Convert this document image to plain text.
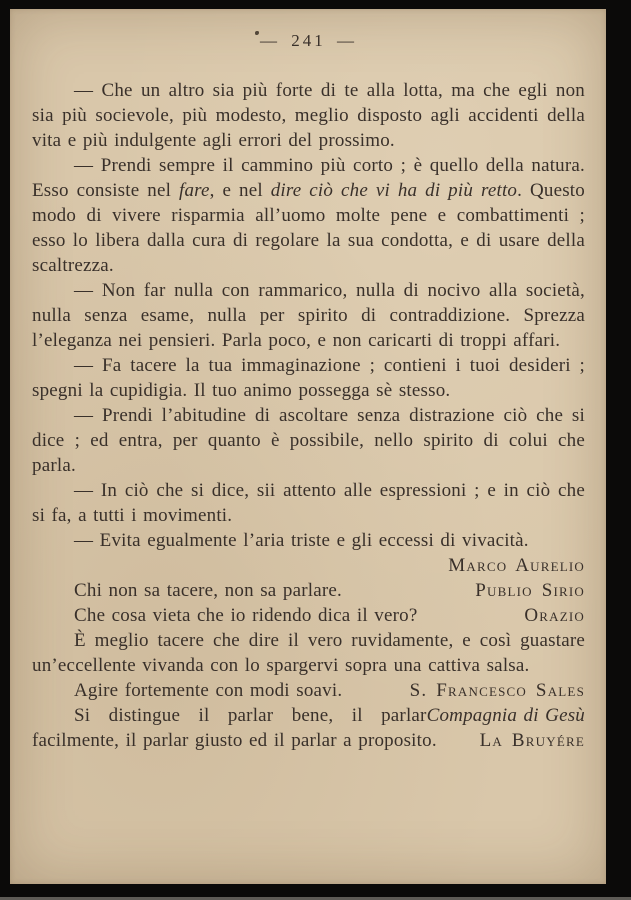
— 241 —

— Che un altro sia più forte di te alla lotta, ma che egli non sia più socievole, più modesto, meglio disposto agli accidenti della vita e più indulgente agli errori del prossimo.

— Prendi sempre il cammino più corto ; è quello della natura. Esso consiste nel fare, e nel dire ciò che vi ha di più retto. Questo modo di vivere risparmia all’uomo molte pene e combattimenti ; esso lo libera dalla cura di regolare la sua condotta, e di usare della scaltrezza.

— Non far nulla con rammarico, nulla di nocivo alla società, nulla senza esame, nulla per spirito di contraddizione. Sprezza l’eleganza nei pensieri. Parla poco, e non caricarti di troppi affari.

— Fa tacere la tua immaginazione ; contieni i tuoi desideri ; spegni la cupidigia. Il tuo animo possegga sè stesso.

— Prendi l’abitudine di ascoltare senza distrazione ciò che si dice ; ed entra, per quanto è possibile, nello spirito di colui che parla.

— In ciò che si dice, sii attento alle espressioni ; e in ciò che si fa, a tutti i movimenti.

— Evita egualmente l’aria triste e gli eccessi di vivacità.

Marco Aurelio

Chi non sa tacere, non sa parlare.	Publio Sirio

Che cosa vieta che io ridendo dica il vero?	Orazio

È meglio tacere che dire il vero ruvidamente, e così guastare un’eccellente vivanda con lo spargervi sopra una cattiva salsa.
S. Francesco Sales

Agire fortemente con modi soavi.
Compagnia di Gesù

Si distingue il parlar bene, il parlar facilmente, il parlar giusto ed il parlar a proposito. La Bruyére
